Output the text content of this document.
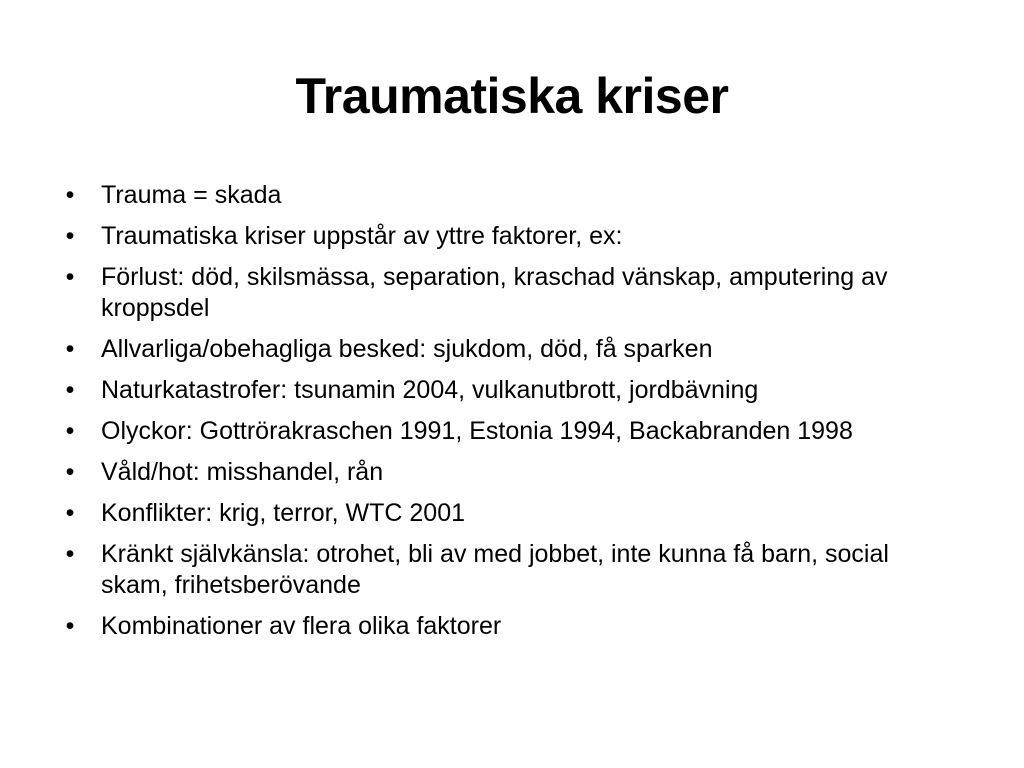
Traumatiska kriser
• Trauma = skada
• Traumatiska kriser uppstår av yttre faktorer, ex:
• Förlust: död, skilsmässa, separation, kraschad vänskap, amputering av kroppsdel
• Allvarliga/obehagliga besked: sjukdom, död, få sparken
• Naturkatastrofer: tsunamin 2004, vulkanutbrott, jordbävning
• Olyckor: Gottrörakraschen 1991, Estonia 1994, Backabranden 1998
• Våld/hot: misshandel, rån
• Konflikter: krig, terror, WTC 2001
• Kränkt självkänsla: otrohet, bli av med jobbet, inte kunna få barn, social skam, frihetsberövande
• Kombinationer av flera olika faktorer
